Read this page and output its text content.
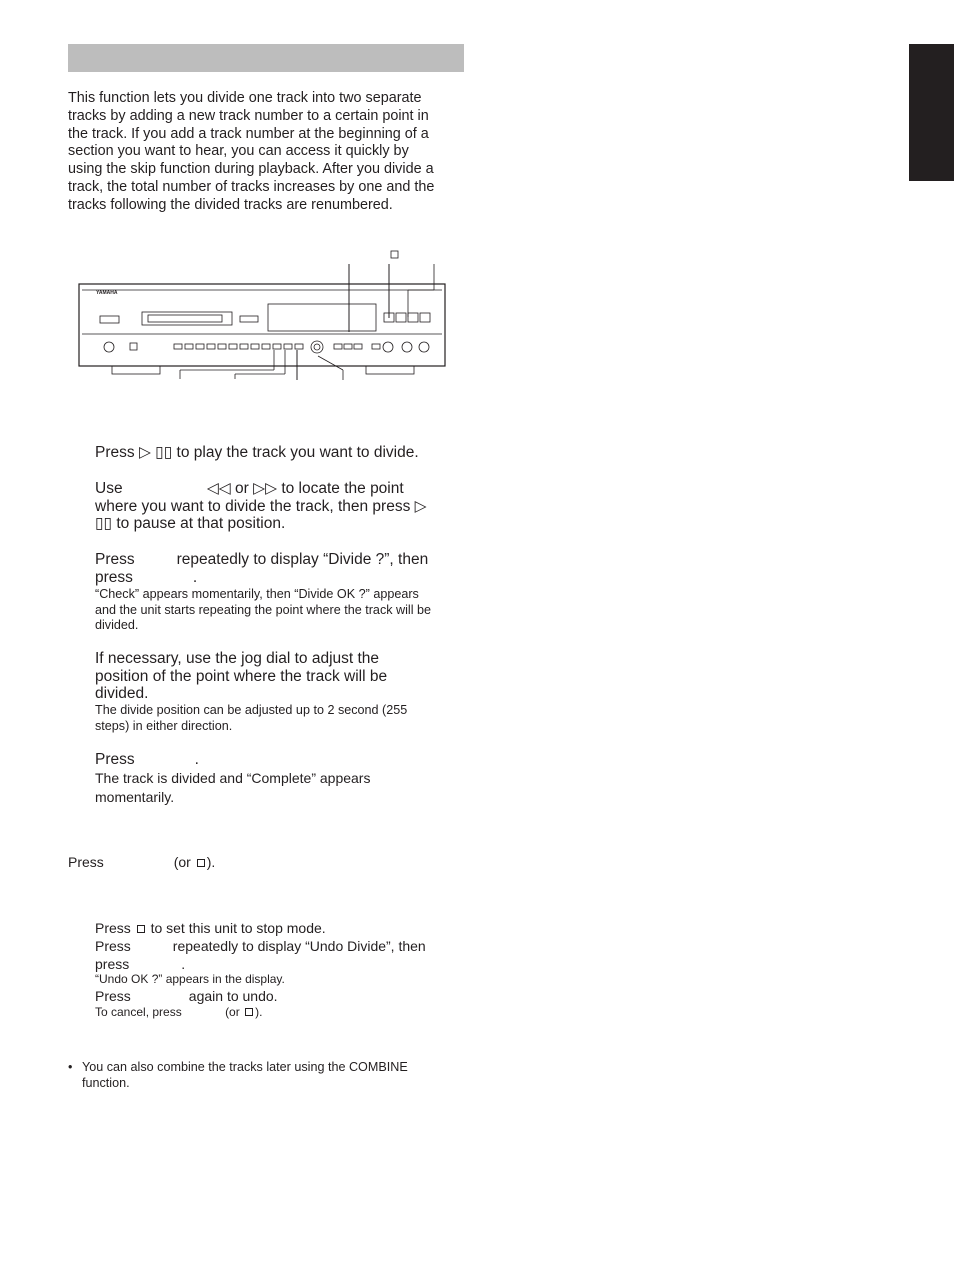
This function lets you divide one track into two separate
tracks by adding a new track number to a certain point in
the track. If you add a track number at the beginning of a
section you want to hear, you can access it quickly by
using the skip function during playback. After you divide a
track, the total number of tracks increases by one and the
tracks following the divided tracks are renumbered.
YAMAHA
Press ▷ ▯▯ to play the track you want to divide.
Use	◁◁ or ▷▷ to locate the point
where you want to divide the track, then press ▷
▯▯ to pause at that position.
Press	repeatedly to display “Divide ?”, then
press	.
“Check” appears momentarily, then “Divide OK ?” appears
and the unit starts repeating the point where the track will be
divided.
If necessary, use the jog dial to adjust the
position of the point where the track will be
divided.
The divide position can be adjusted up to 2 second (255
steps) in either direction.
Press	.
The track is divided and “Complete” appears
momentarily.
Press	(or ).
Press to set this unit to stop mode.
Press	repeatedly to display “Undo Divide”, then
press	.
“Undo OK ?” appears in the display.
Press	again to undo.
To cancel, press	(or ).
• You can also combine the tracks later using the COMBINE
function.
